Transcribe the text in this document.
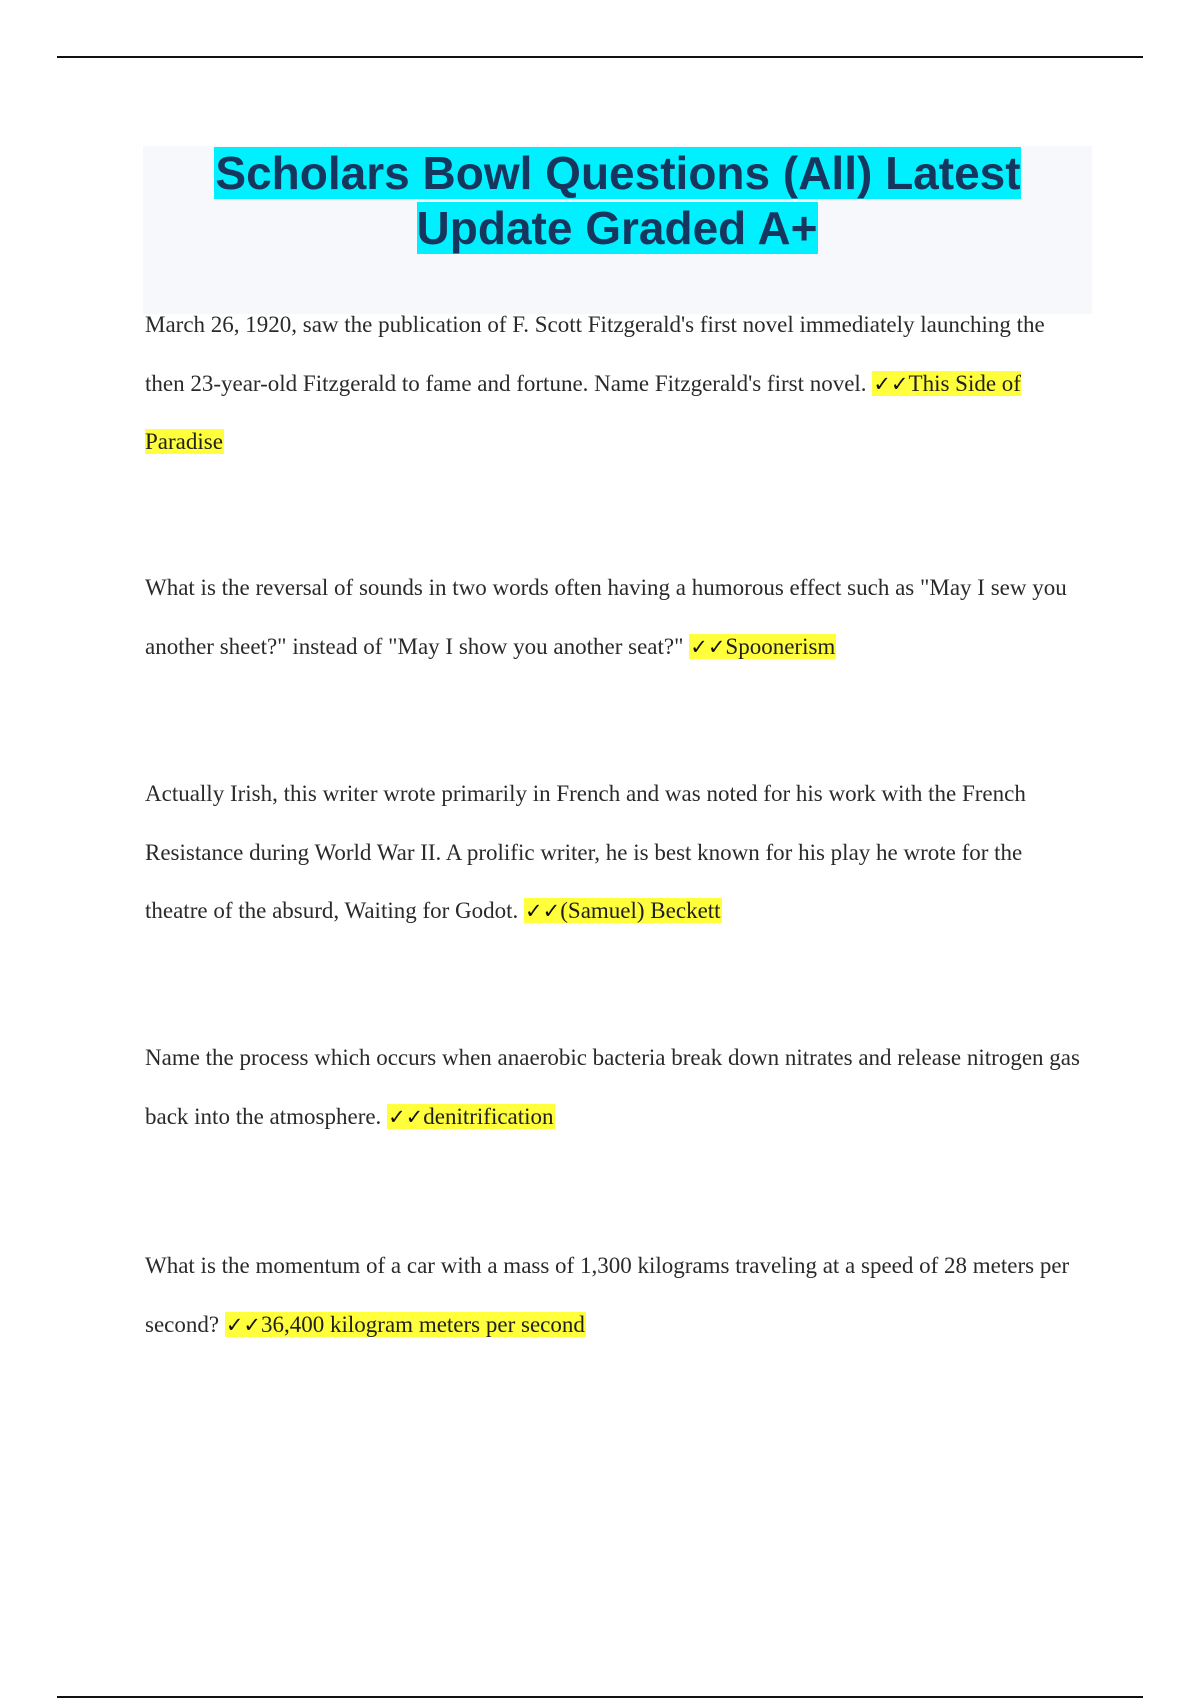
Scholars Bowl Questions (All) Latest Update Graded A+

March 26, 1920, saw the publication of F. Scott Fitzgerald's first novel immediately launching the then 23-year-old Fitzgerald to fame and fortune. Name Fitzgerald's first novel. ✓✓This Side of Paradise

What is the reversal of sounds in two words often having a humorous effect such as "May I sew you another sheet?" instead of "May I show you another seat?" ✓✓Spoonerism

Actually Irish, this writer wrote primarily in French and was noted for his work with the French Resistance during World War II. A prolific writer, he is best known for his play he wrote for the theatre of the absurd, Waiting for Godot. ✓✓(Samuel) Beckett

Name the process which occurs when anaerobic bacteria break down nitrates and release nitrogen gas back into the atmosphere. ✓✓denitrification

What is the momentum of a car with a mass of 1,300 kilograms traveling at a speed of 28 meters per second? ✓✓36,400 kilogram meters per second
